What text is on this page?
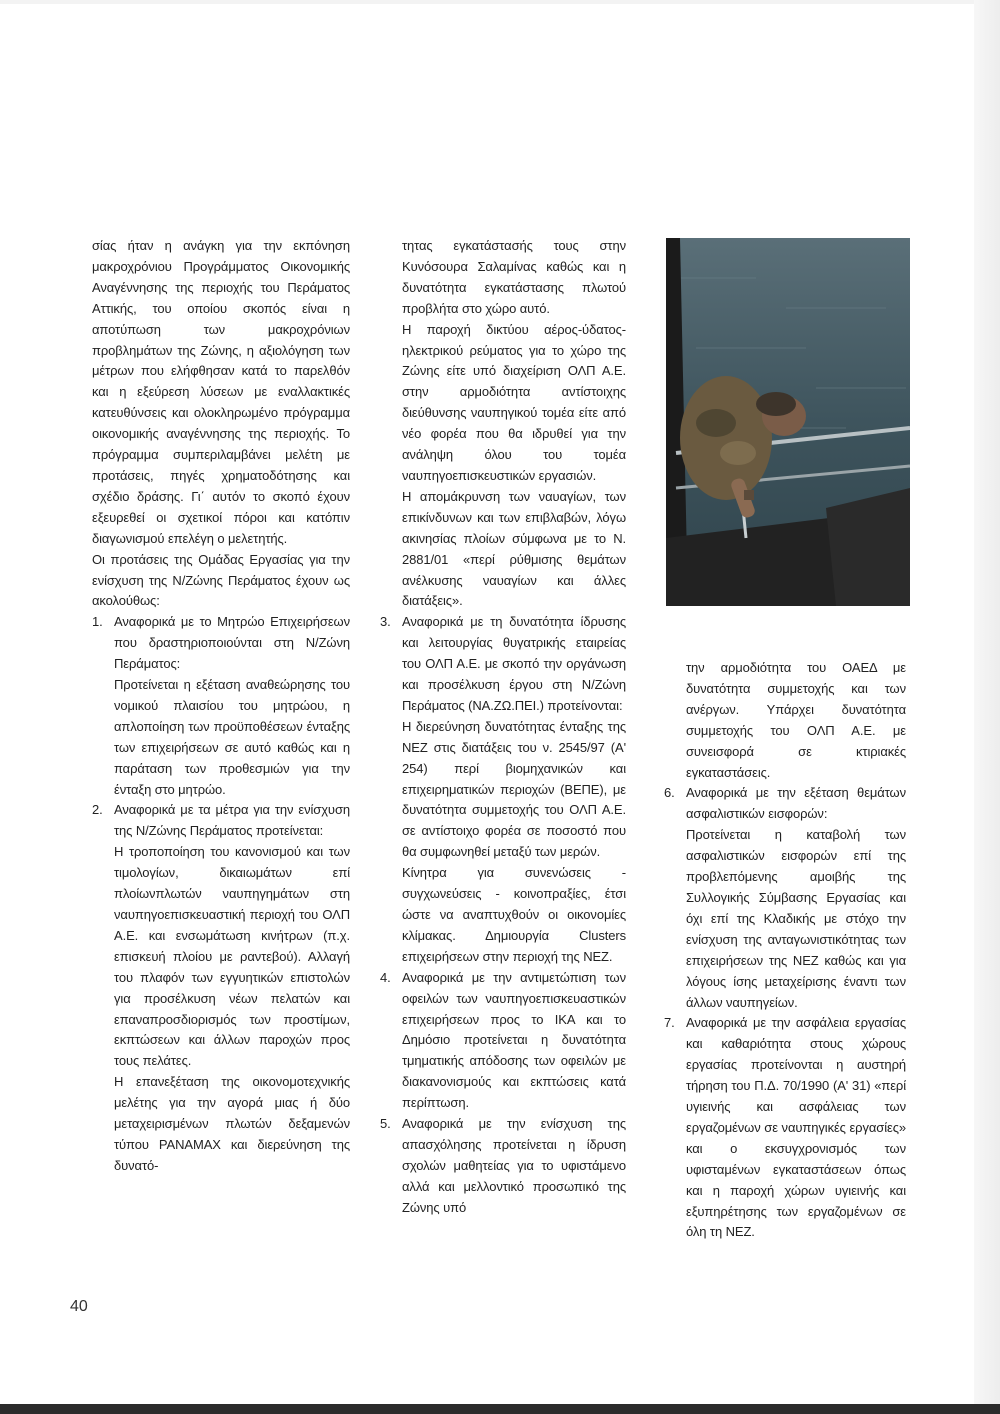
σίας ήταν η ανάγκη για την εκπόνηση μακροχρόνιου Προγράμματος Οικονομικής Αναγέννησης της περιοχής του Περάματος Αττικής, του οποίου σκοπός είναι η αποτύπωση των μακροχρόνιων προβλημάτων της Ζώνης, η αξιολόγηση των μέτρων που ελήφθησαν κατά το παρελθόν και η εξεύρεση λύσεων με εναλλακτικές κατευθύνσεις και ολοκληρωμένο πρόγραμμα οικονομικής αναγέννησης της περιοχής. Το πρόγραμμα συμπεριλαμβάνει μελέτη με προτάσεις, πηγές χρηματοδότησης και σχέδιο δράσης. Γι΄ αυτόν το σκοπό έχουν εξευρεθεί οι σχετικοί πόροι και κατόπιν διαγωνισμού επελέγη ο μελετητής.

Οι προτάσεις της Ομάδας Εργασίας για την ενίσχυση της Ν/Ζώνης Περάματος έχουν ως ακολούθως:

1. Αναφορικά με το Μητρώο Επιχειρήσεων που δραστηριοποιούνται στη Ν/Ζώνη Περάματος:

Προτείνεται η εξέταση αναθεώρησης του νομικού πλαισίου του μητρώου, η απλοποίηση των προϋποθέσεων ένταξης των επιχειρήσεων σε αυτό καθώς και η παράταση των προθεσμιών για την ένταξη στο μητρώο.

2. Αναφορικά με τα μέτρα για την ενίσχυση της Ν/Ζώνης Περάματος προτείνεται:

Η τροποποίηση του κανονισμού και των τιμολογίων, δικαιωμάτων επί πλοίωνπλωτών ναυπηγημάτων στη ναυπηγοεπισκευαστική περιοχή του ΟΛΠ Α.Ε. και ενσωμάτωση κινήτρων (π.χ. επισκευή πλοίου με ραντεβού). Αλλαγή του πλαφόν των εγγυητικών επιστολών για προσέλκυση νέων πελατών και επαναπροσδιορισμός των προστίμων, εκπτώσεων και άλλων παροχών προς τους πελάτες.

Η επανεξέταση της οικονομοτεχνικής μελέτης για την αγορά μιας ή δύο μεταχειρισμένων πλωτών δεξαμενών τύπου PANAMAX και διερεύνηση της δυνατό-

τητας εγκατάστασής τους στην Κυνόσουρα Σαλαμίνας καθώς και η δυνατότητα εγκατάστασης πλωτού προβλήτα στο χώρο αυτό.

Η παροχή δικτύου αέρος-ύδατος-ηλεκτρικού ρεύματος για το χώρο της Ζώνης είτε υπό διαχείριση ΟΛΠ Α.Ε. στην αρμοδιότητα αντίστοιχης διεύθυνσης ναυπηγικού τομέα είτε από νέο φορέα που θα ιδρυθεί για την ανάληψη όλου του τομέα ναυπηγοεπισκευστικών εργασιών.

Η απομάκρυνση των ναυαγίων, των επικίνδυνων και των επιβλαβών, λόγω ακινησίας πλοίων σύμφωνα με το Ν. 2881/01 «περί ρύθμισης θεμάτων ανέλκυσης ναυαγίων και άλλες διατάξεις».

3. Αναφορικά με τη δυνατότητα ίδρυσης και λειτουργίας θυγατρικής εταιρείας του ΟΛΠ Α.Ε. με σκοπό την οργάνωση και προσέλκυση έργου στη Ν/Ζώνη Περάματος (ΝΑ.ΖΩ.ΠΕΙ.) προτείνονται:

Η διερεύνηση δυνατότητας ένταξης της ΝΕΖ στις διατάξεις του ν. 2545/97 (Α' 254) περί βιομηχανικών και επιχειρηματικών περιοχών (ΒΕΠΕ), με δυνατότητα συμμετοχής του ΟΛΠ Α.Ε. σε αντίστοιχο φορέα σε ποσοστό που θα συμφωνηθεί μεταξύ των μερών.

Κίνητρα για συνενώσεις - συγχωνεύσεις - κοινοπραξίες, έτσι ώστε να αναπτυχθούν οι οικονομίες κλίμακας. Δημιουργία Clusters επιχειρήσεων στην περιοχή της ΝΕΖ.

4. Αναφορικά με την αντιμετώπιση των οφειλών των ναυπηγοεπισκευαστικών επιχειρήσεων προς το ΙΚΑ και το Δημόσιο προτείνεται η δυνατότητα τμηματικής απόδοσης των οφειλών με διακανονισμούς και εκπτώσεις κατά περίπτωση.

5. Αναφορικά με την ενίσχυση της απασχόλησης προτείνεται η ίδρυση σχολών μαθητείας για το υφιστάμενο αλλά και μελλοντικό προσωπικό της Ζώνης υπό

την αρμοδιότητα του ΟΑΕΔ με δυνατότητα συμμετοχής και των ανέργων. Υπάρχει δυνατότητα συμμετοχής του ΟΛΠ Α.Ε. με συνεισφορά σε κτιριακές εγκαταστάσεις.

6. Αναφορικά με την εξέταση θεμάτων ασφαλιστικών εισφορών:

Προτείνεται η καταβολή των ασφαλιστικών εισφορών επί της προβλεπόμενης αμοιβής της Συλλογικής Σύμβασης Εργασίας και όχι επί της Κλαδικής με στόχο την ενίσχυση της ανταγωνιστικότητας των επιχειρήσεων της ΝΕΖ καθώς και για λόγους ίσης μεταχείρισης έναντι των άλλων ναυπηγείων.

7. Αναφορικά με την ασφάλεια εργασίας και καθαριότητα στους χώρους εργασίας προτείνονται η αυστηρή τήρηση του Π.Δ. 70/1990 (Α' 31) «περί υγιεινής και ασφάλειας των εργαζομένων σε ναυπηγικές εργασίες» και ο εκσυγχρονισμός των υφισταμένων εγκαταστάσεων όπως και η παροχή χώρων υγιεινής και εξυπηρέτησης των εργαζομένων σε όλη τη ΝΕΖ.

40
